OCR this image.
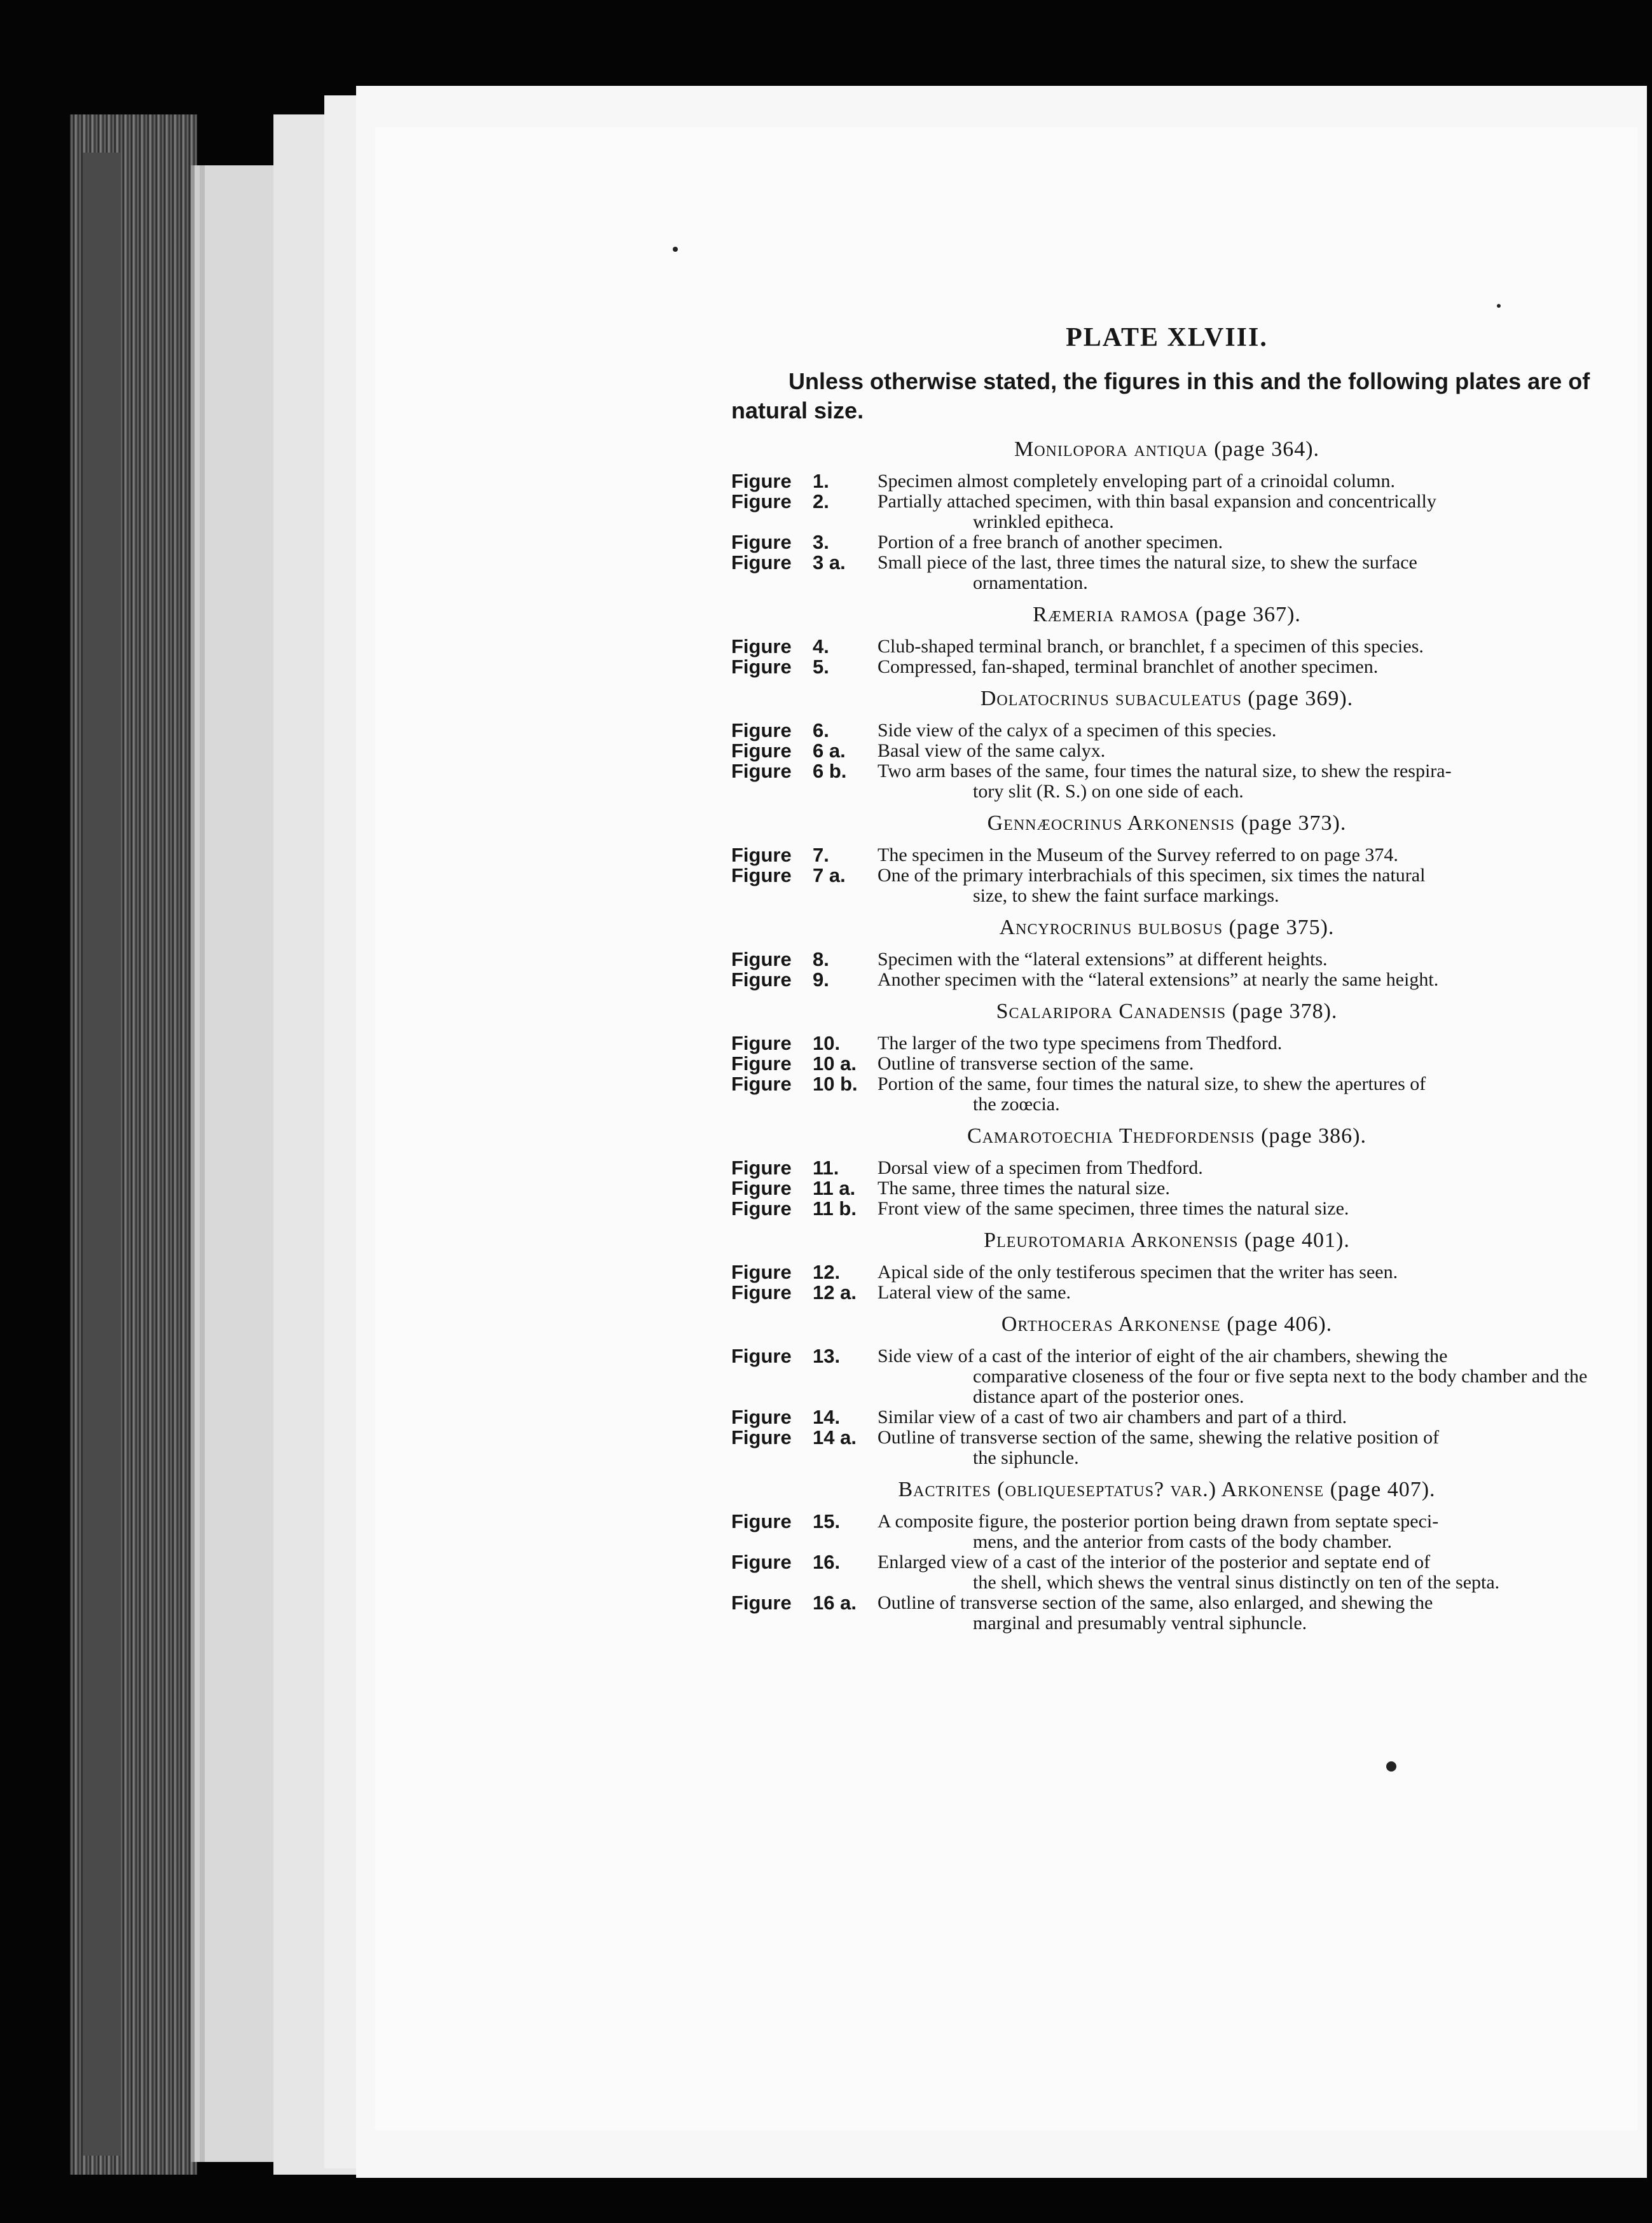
PLATE XLVIII.

Unless otherwise stated, the figures in this and the following plates are of natural size.

Monilopora antiqua (page 364).
Figure	1.	Specimen almost completely enveloping part of a crinoidal column.
Figure	2.	Partially attached specimen, with thin basal expansion and concentrically
wrinkled epitheca.
Figure	3.	Portion of a free branch of another specimen.
Figure	3 a.	Small piece of the last, three times the natural size, to shew the surface
ornamentation.
Ræmeria ramosa (page 367).
Figure	4.	Club-shaped terminal branch, or branchlet, f a specimen of this species.
Figure	5.	Compressed, fan-shaped, terminal branchlet of another specimen.
Dolatocrinus subaculeatus (page 369).
Figure	6.	Side view of the calyx of a specimen of this species.
Figure	6 a.	Basal view of the same calyx.
Figure	6 b.	Two arm bases of the same, four times the natural size, to shew the respira-
tory slit (R. S.) on one side of each.
Gennæocrinus Arkonensis (page 373).
Figure	7.	The specimen in the Museum of the Survey referred to on page 374.
Figure	7 a.	One of the primary interbrachials of this specimen, six times the natural
size, to shew the faint surface markings.
Ancyrocrinus bulbosus (page 375).
Figure	8.	Specimen with the “lateral extensions” at different heights.
Figure	9.	Another specimen with the “lateral extensions” at nearly the same height.
Scalaripora Canadensis (page 378).
Figure	10.	The larger of the two type specimens from Thedford.
Figure	10 a.	Outline of transverse section of the same.
Figure	10 b.	Portion of the same, four times the natural size, to shew the apertures of
the zoœcia.
Camarotoechia Thedfordensis (page 386).
Figure	11.	Dorsal view of a specimen from Thedford.
Figure	11 a.	The same, three times the natural size.
Figure	11 b.	Front view of the same specimen, three times the natural size.
Pleurotomaria Arkonensis (page 401).
Figure	12.	Apical side of the only testiferous specimen that the writer has seen.
Figure	12 a.	Lateral view of the same.
Orthoceras Arkonense (page 406).
Figure	13.	Side view of a cast of the interior of eight of the air chambers, shewing the
comparative closeness of the four or five septa next to the body chamber and the distance apart of the posterior ones.
Figure	14.	Similar view of a cast of two air chambers and part of a third.
Figure	14 a.	Outline of transverse section of the same, shewing the relative position of
the siphuncle.
Bactrites (obliqueseptatus? var.) Arkonense (page 407).
Figure	15.	A composite figure, the posterior portion being drawn from septate speci-
mens, and the anterior from casts of the body chamber.
Figure	16.	Enlarged view of a cast of the interior of the posterior and septate end of
the shell, which shews the ventral sinus distinctly on ten of the septa.
Figure	16 a.	Outline of transverse section of the same, also enlarged, and shewing the
marginal and presumably ventral siphuncle.
